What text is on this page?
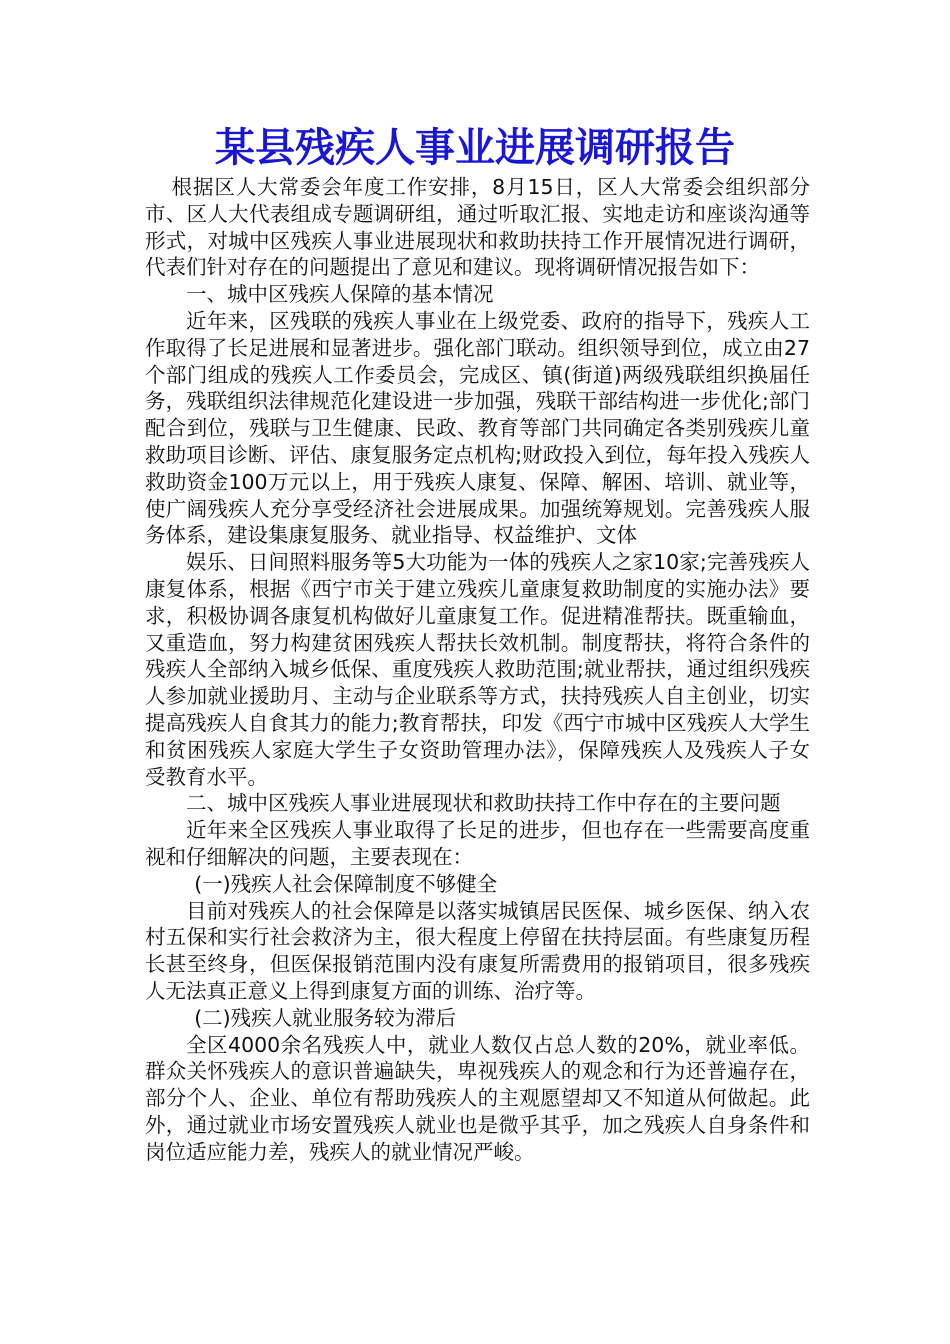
某县残疾人事业进展调研报告

根据区人大常委会年度工作安排，8月15日，区人大常委会组织部分市、区人大代表组成专题调研组，通过听取汇报、实地走访和座谈沟通等形式，对城中区残疾人事业进展现状和救助扶持工作开展情况进行调研，代表们针对存在的问题提出了意见和建议。现将调研情况报告如下：

一、城中区残疾人保障的基本情况

近年来，区残联的残疾人事业在上级党委、政府的指导下，残疾人工作取得了长足进展和显著进步。强化部门联动。组织领导到位，成立由27个部门组成的残疾人工作委员会，完成区、镇(街道)两级残联组织换届任务，残联组织法律规范化建设进一步加强，残联干部结构进一步优化;部门配合到位，残联与卫生健康、民政、教育等部门共同确定各类别残疾儿童救助项目诊断、评估、康复服务定点机构;财政投入到位，每年投入残疾人救助资金100万元以上，用于残疾人康复、保障、解困、培训、就业等，使广阔残疾人充分享受经济社会进展成果。加强统筹规划。完善残疾人服务体系，建设集康复服务、就业指导、权益维护、文体

娱乐、日间照料服务等5大功能为一体的残疾人之家10家;完善残疾人康复体系，根据《西宁市关于建立残疾儿童康复救助制度的实施办法》要求，积极协调各康复机构做好儿童康复工作。促进精准帮扶。既重输血，又重造血，努力构建贫困残疾人帮扶长效机制。制度帮扶，将符合条件的残疾人全部纳入城乡低保、重度残疾人救助范围;就业帮扶，通过组织残疾人参加就业援助月、主动与企业联系等方式，扶持残疾人自主创业，切实提高残疾人自食其力的能力;教育帮扶，印发《西宁市城中区残疾人大学生和贫困残疾人家庭大学生子女资助管理办法》，保障残疾人及残疾人子女受教育水平。

二、城中区残疾人事业进展现状和救助扶持工作中存在的主要问题

近年来全区残疾人事业取得了长足的进步，但也存在一些需要高度重视和仔细解决的问题，主要表现在：

(一)残疾人社会保障制度不够健全

目前对残疾人的社会保障是以落实城镇居民医保、城乡医保、纳入农村五保和实行社会救济为主，很大程度上停留在扶持层面。有些康复历程长甚至终身，但医保报销范围内没有康复所需费用的报销项目，很多残疾人无法真正意义上得到康复方面的训练、治疗等。

(二)残疾人就业服务较为滞后

全区4000余名残疾人中，就业人数仅占总人数的20%，就业率低。群众关怀残疾人的意识普遍缺失，卑视残疾人的观念和行为还普遍存在，部分个人、企业、单位有帮助残疾人的主观愿望却又不知道从何做起。此外，通过就业市场安置残疾人就业也是微乎其乎，加之残疾人自身条件和岗位适应能力差，残疾人的就业情况严峻。
